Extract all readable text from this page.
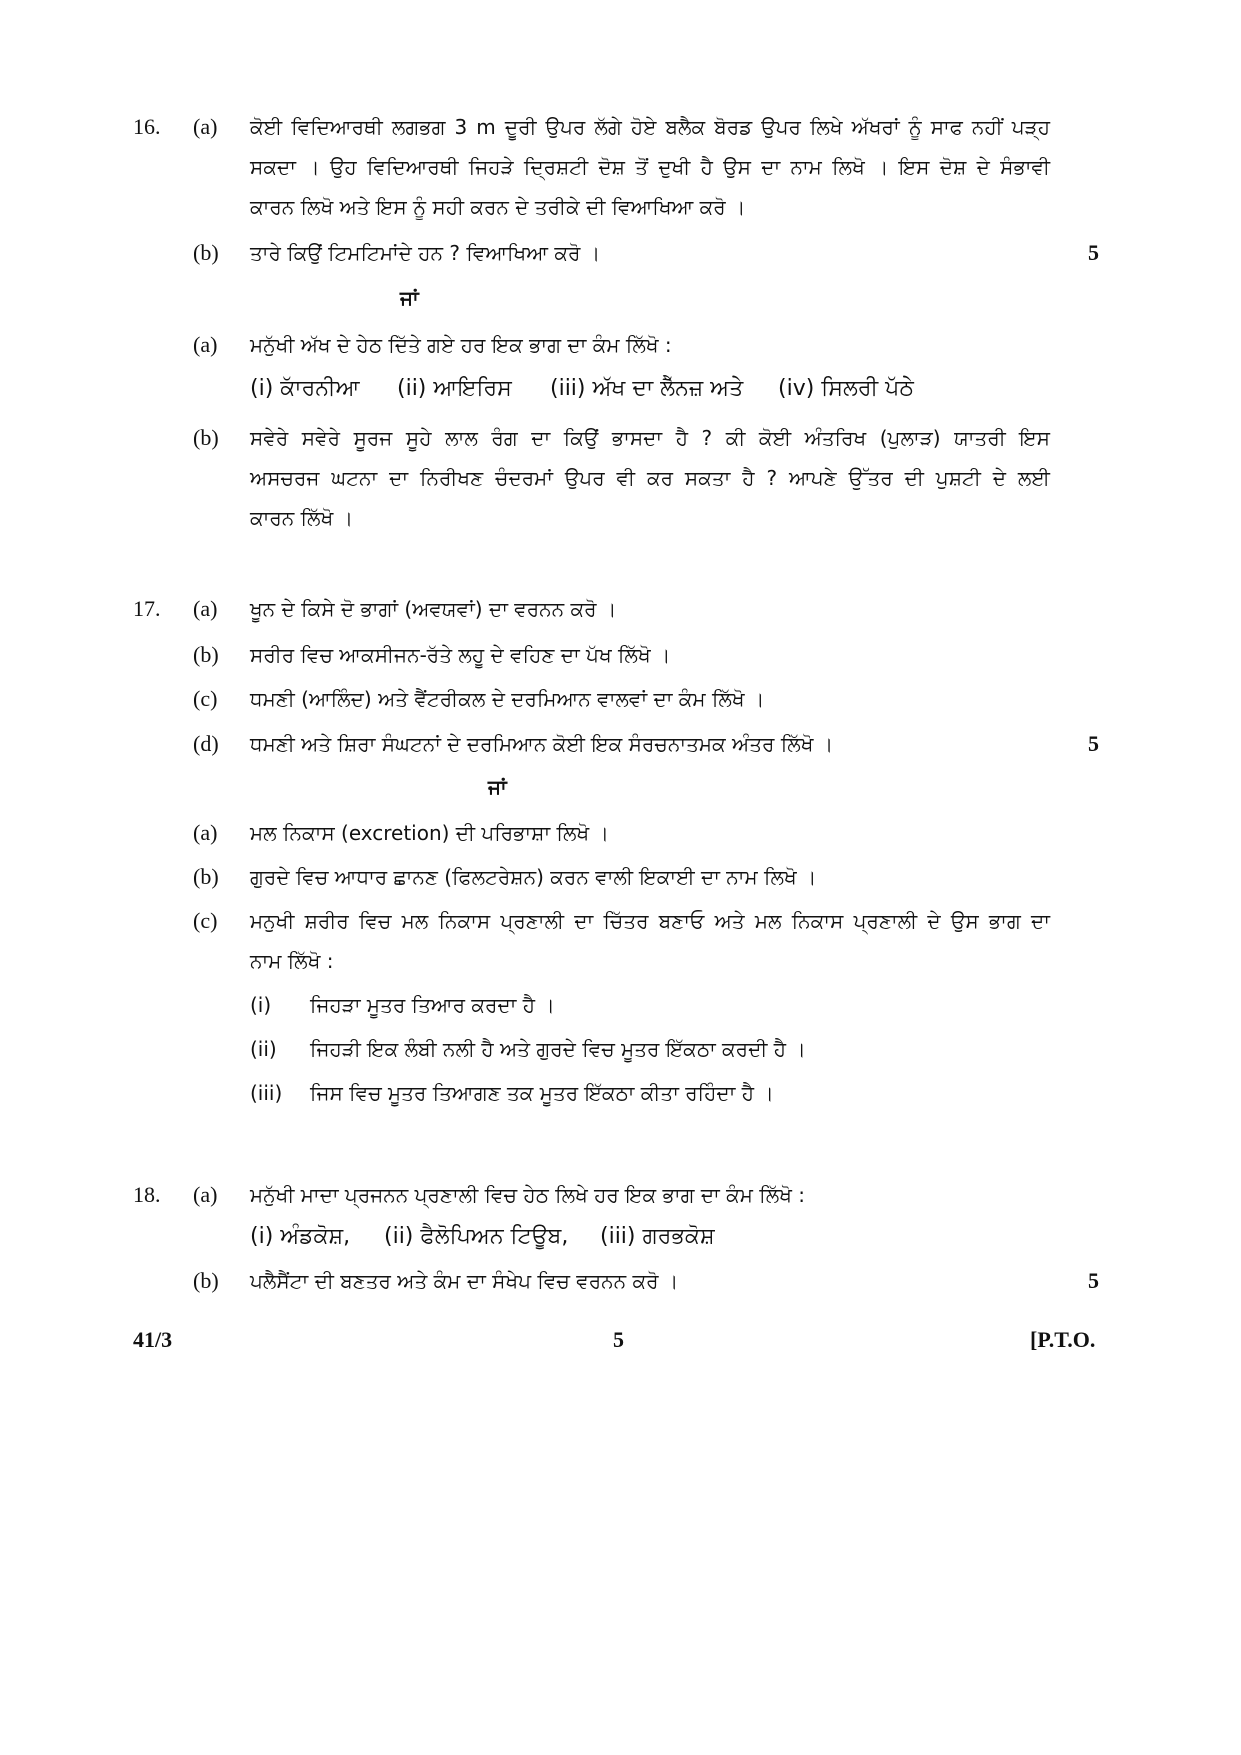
16. (a) ਕੋਈ ਵਿਦਿਆਰਥੀ ਲਗਭਗ 3 m ਦੂਰੀ ਉਪਰ ਲੱਗੇ ਹੋਏ ਬਲੈਕ ਬੋਰਡ ਉਪਰ ਲਿਖੇ ਅੱਖਰਾਂ ਨੂੰ ਸਾਫ ਨਹੀਂ ਪੜ੍ਹ
ਸਕਦਾ । ਉਹ ਵਿਦਿਆਰਥੀ ਜਿਹੜੇ ਦ੍ਰਿਸ਼ਟੀ ਦੋਸ਼ ਤੋਂ ਦੁਖੀ ਹੈ ਉਸ ਦਾ ਨਾਮ ਲਿਖੋ । ਇਸ ਦੋਸ਼ ਦੇ ਸੰਭਾਵੀ
ਕਾਰਨ ਲਿਖੋ ਅਤੇ ਇਸ ਨੂੰ ਸਹੀ ਕਰਨ ਦੇ ਤਰੀਕੇ ਦੀ ਵਿਆਖਿਆ ਕਰੋ ।
(b) ਤਾਰੇ ਕਿਉਂ ਟਿਮਟਿਮਾਂਦੇ ਹਨ ? ਵਿਆਖਿਆ ਕਰੋ ।	5
ਜਾਂ
(a) ਮਨੁੱਖੀ ਅੱਖ ਦੇ ਹੇਠ ਦਿੱਤੇ ਗਏ ਹਰ ਇਕ ਭਾਗ ਦਾ ਕੰਮ ਲਿੱਖੋ :
(i) ਕਾੱਰਨੀਆ (ii) ਆਇਰਿਸ (iii) ਅੱਖ ਦਾ ਲੈੱਨਜ਼ ਅਤੇ (iv) ਸਿਲਰੀ ਪੱਠੇ
(b) ਸਵੇਰੇ ਸਵੇਰੇ ਸੂਰਜ ਸੂਹੇ ਲਾਲ ਰੰਗ ਦਾ ਕਿਉਂ ਭਾਸਦਾ ਹੈ ? ਕੀ ਕੋਈ ਅੰਤਰਿਖ (ਪੁਲਾੜ) ਯਾਤਰੀ ਇਸ
ਅਸਚਰਜ ਘਟਨਾ ਦਾ ਨਿਰੀਖਣ ਚੰਦਰਮਾਂ ਉਪਰ ਵੀ ਕਰ ਸਕਤਾ ਹੈ ? ਆਪਣੇ ਉੱਤਰ ਦੀ ਪੁਸ਼ਟੀ ਦੇ ਲਈ
ਕਾਰਨ ਲਿੱਖੋ ।
17. (a) ਖੂਨ ਦੇ ਕਿਸੇ ਦੋ ਭਾਗਾਂ (ਅਵਯਵਾਂ) ਦਾ ਵਰਨਨ ਕਰੋ ।
(b) ਸਰੀਰ ਵਿਚ ਆਕਸੀਜਨ-ਰੱਤੇ ਲਹੂ ਦੇ ਵਹਿਣ ਦਾ ਪੱਖ ਲਿੱਖੋ ।
(c) ਧਮਣੀ (ਆਲਿੰਦ) ਅਤੇ ਵੈਂਟਰੀਕਲ ਦੇ ਦਰਮਿਆਨ ਵਾਲਵਾਂ ਦਾ ਕੰਮ ਲਿੱਖੋ ।
(d) ਧਮਣੀ ਅਤੇ ਸ਼ਿਰਾ ਸੰਘਟਨਾਂ ਦੇ ਦਰਮਿਆਨ ਕੋਈ ਇਕ ਸੰਰਚਨਾਤਮਕ ਅੰਤਰ ਲਿੱਖੋ ।	5
ਜਾਂ
(a) ਮਲ ਨਿਕਾਸ (excretion) ਦੀ ਪਰਿਭਾਸ਼ਾ ਲਿਖੋ ।
(b) ਗੁਰਦੇ ਵਿਚ ਆਧਾਰ ਛਾਨਣ (ਫਿਲਟਰੇਸ਼ਨ) ਕਰਨ ਵਾਲੀ ਇਕਾਈ ਦਾ ਨਾਮ ਲਿਖੋ ।
(c) ਮਨੁਖੀ ਸ਼ਰੀਰ ਵਿਚ ਮਲ ਨਿਕਾਸ ਪ੍ਰਣਾਲੀ ਦਾ ਚਿੱਤਰ ਬਣਾਓ ਅਤੇ ਮਲ ਨਿਕਾਸ ਪ੍ਰਣਾਲੀ ਦੇ ਉਸ ਭਾਗ ਦਾ
ਨਾਮ ਲਿੱਖੋ :
(i) ਜਿਹੜਾ ਮੂਤਰ ਤਿਆਰ ਕਰਦਾ ਹੈ ।
(ii) ਜਿਹੜੀ ਇਕ ਲੰਬੀ ਨਲੀ ਹੈ ਅਤੇ ਗੁਰਦੇ ਵਿਚ ਮੂਤਰ ਇੱਕਠਾ ਕਰਦੀ ਹੈ ।
(iii) ਜਿਸ ਵਿਚ ਮੂਤਰ ਤਿਆਗਣ ਤਕ ਮੂਤਰ ਇੱਕਠਾ ਕੀਤਾ ਰਹਿੰਦਾ ਹੈ ।
18. (a) ਮਨੁੱਖੀ ਮਾਦਾ ਪ੍ਰਜਨਨ ਪ੍ਰਣਾਲੀ ਵਿਚ ਹੇਠ ਲਿਖੇ ਹਰ ਇਕ ਭਾਗ ਦਾ ਕੰਮ ਲਿੱਖੋ :
(i) ਅੰਡਕੋਸ਼, (ii) ਫੈਲੋਪਿਅਨ ਟਿਊਬ, (iii) ਗਰਭਕੋਸ਼
(b) ਪਲੈਸੈਂਟਾ ਦੀ ਬਣਤਰ ਅਤੇ ਕੰਮ ਦਾ ਸੰਖੇਪ ਵਿਚ ਵਰਨਨ ਕਰੋ ।	5
41/3	5	[P.T.O.
